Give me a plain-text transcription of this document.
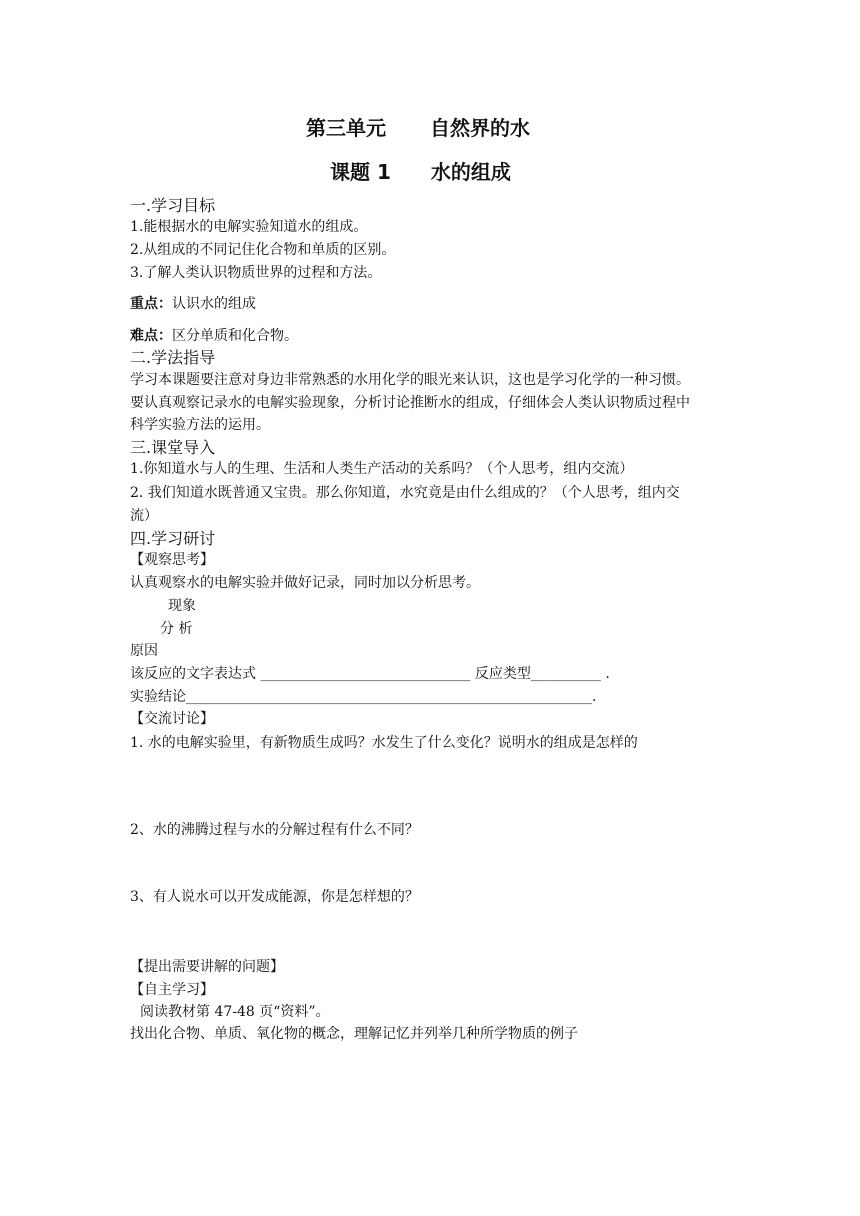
第三单元 自然界的水
课题 1 水的组成
一.学习目标
1.能根据水的电解实验知道水的组成。
2.从组成的不同记住化合物和单质的区别。
3.了解人类认识物质世界的过程和方法。
重点：认识水的组成
难点：区分单质和化合物。
二.学法指导
学习本课题要注意对身边非常熟悉的水用化学的眼光来认识，这也是学习化学的一种习惯。
要认真观察记录水的电解实验现象，分析讨论推断水的组成，仔细体会人类认识物质过程中
科学实验方法的运用。
三.课堂导入
1.你知道水与人的生理、生活和人类生产活动的关系吗？（个人思考，组内交流）
2. 我们知道水既普通又宝贵。那么你知道，水究竟是由什么组成的？（个人思考，组内交
流）
四.学习研讨
【观察思考】
认真观察水的电解实验并做好记录，同时加以分析思考。
现象
分 析
原因
该反应的文字表达式 ______________________________ 反应类型__________ .
实验结论__________________________________________________________.
【交流讨论】
1. 水的电解实验里，有新物质生成吗？水发生了什么变化？说明水的组成是怎样的
2、水的沸腾过程与水的分解过程有什么不同？
3、有人说水可以开发成能源，你是怎样想的？
【提出需要讲解的问题】
【自主学习】
阅读教材第 47-48 页“资料”。
找出化合物、单质、氧化物的概念，理解记忆并列举几种所学物质的例子
